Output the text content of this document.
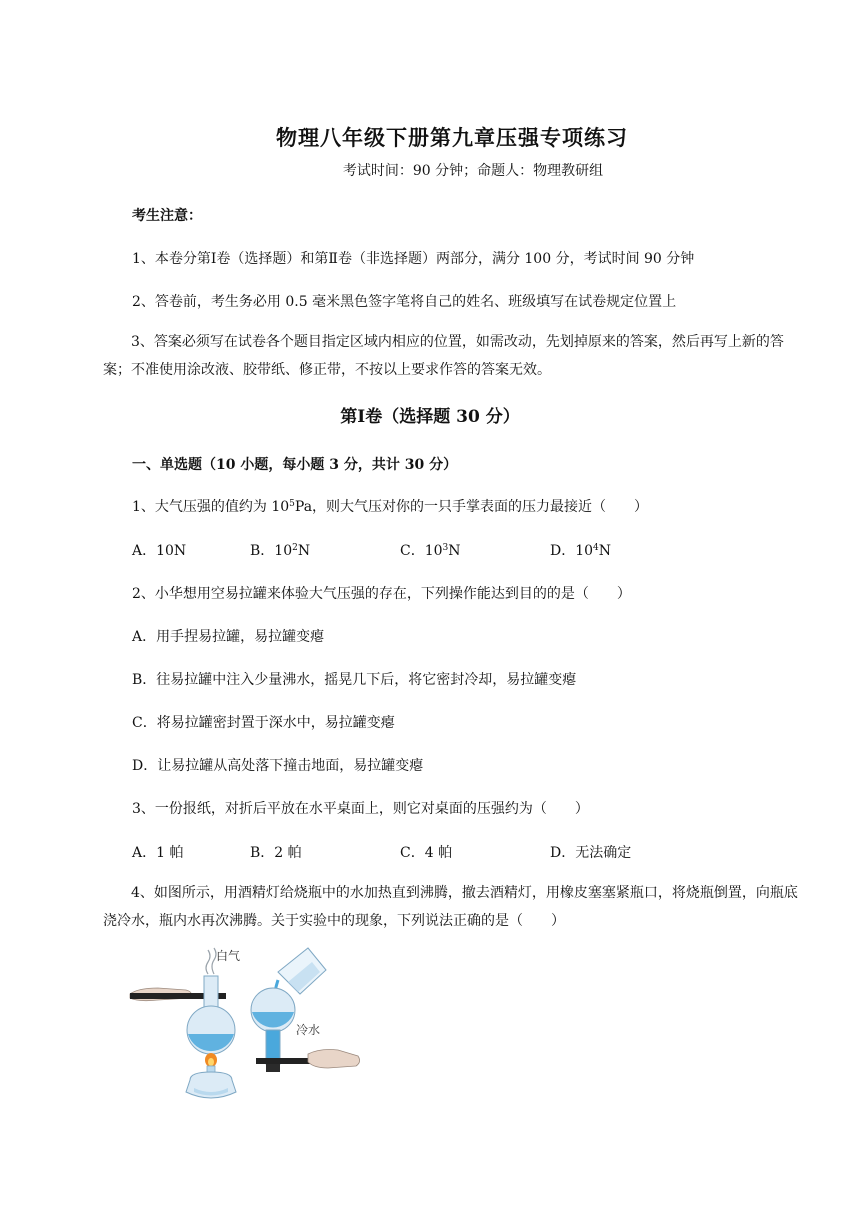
物理八年级下册第九章压强专项练习
考试时间：90 分钟；命题人：物理教研组
考生注意：
1、本卷分第Ⅰ卷（选择题）和第Ⅱ卷（非选择题）两部分，满分 100 分，考试时间 90 分钟
2、答卷前，考生务必用 0.5 毫米黑色签字笔将自己的姓名、班级填写在试卷规定位置上
3、答案必须写在试卷各个题目指定区域内相应的位置，如需改动，先划掉原来的答案，然后再写上新的答案；不准使用涂改液、胶带纸、修正带，不按以上要求作答的答案无效。
第Ⅰ卷（选择题 30 分）
一、单选题（10 小题，每小题 3 分，共计 30 分）
1、大气压强的值约为 $10^5Pa$，则大气压对你的一只手掌表面的压力最接近（　　）
A．10N	B．$10^2N$	C．$10^3N$	D．$10^4N$
2、小华想用空易拉罐来体验大气压强的存在，下列操作能达到目的的是（　　）
A．用手捏易拉罐，易拉罐变瘪
B．往易拉罐中注入少量沸水，摇晃几下后，将它密封冷却，易拉罐变瘪
C．将易拉罐密封置于深水中，易拉罐变瘪
D．让易拉罐从高处落下撞击地面，易拉罐变瘪
3、一份报纸，对折后平放在水平桌面上，则它对桌面的压强约为（　　）
A．1 帕	B．2 帕	C．4 帕	D．无法确定
4、如图所示，用酒精灯给烧瓶中的水加热直到沸腾，撤去酒精灯，用橡皮塞塞紧瓶口，将烧瓶倒置，向瓶底浇冷水，瓶内水再次沸腾。关于实验中的现象，下列说法正确的是（　　）
白气
冷水
